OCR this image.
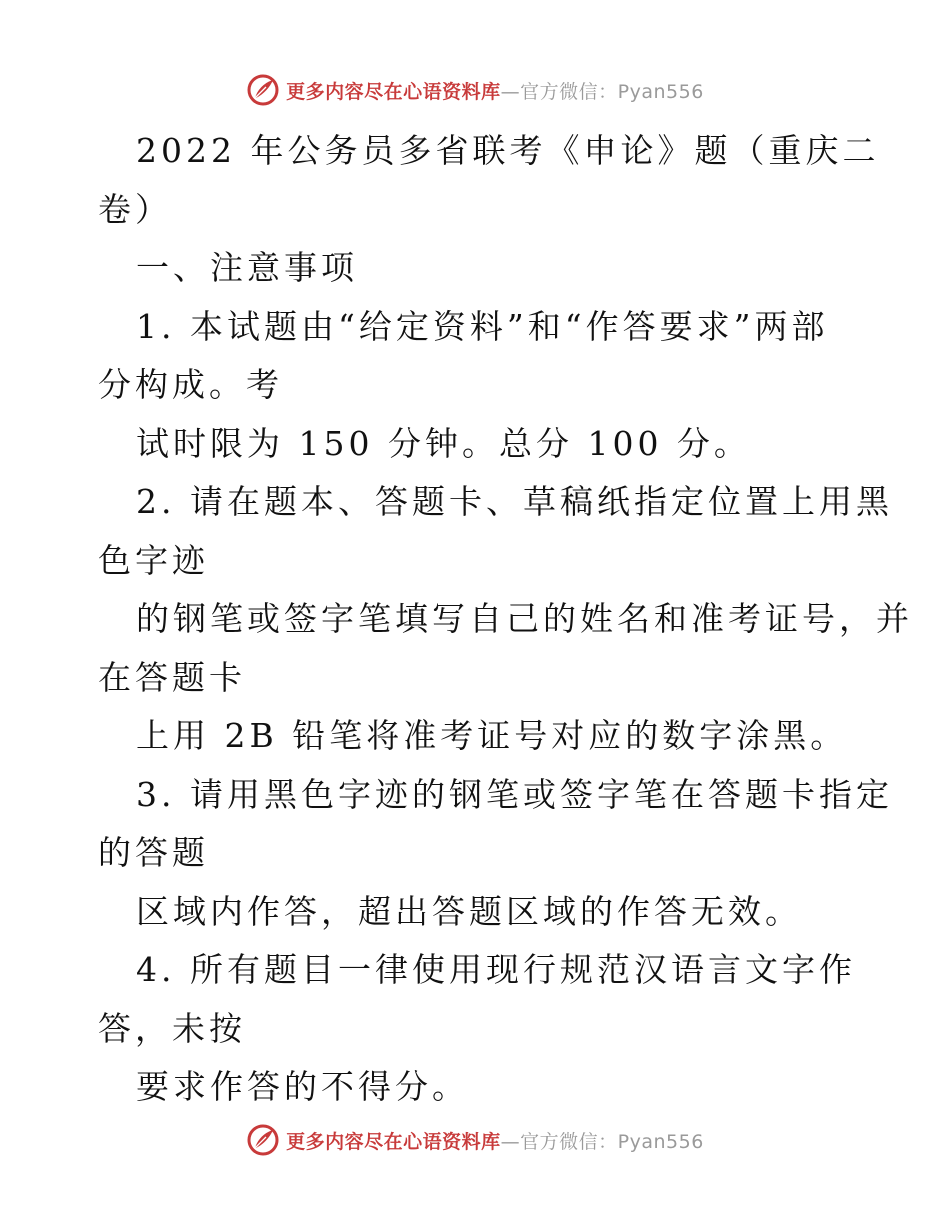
更多内容尽在心语资料库—官方微信：Pyan556
2022 年公务员多省联考《申论》题（重庆二
卷）
一、注意事项
1. 本试题由“给定资料”和“作答要求”两部
分构成。考
试时限为 150 分钟。总分 100 分。
2. 请在题本、答题卡、草稿纸指定位置上用黑
色字迹
的钢笔或签字笔填写自己的姓名和准考证号，并
在答题卡
上用 2B 铅笔将准考证号对应的数字涂黑。
3. 请用黑色字迹的钢笔或签字笔在答题卡指定
的答题
区域内作答，超出答题区域的作答无效。
4. 所有题目一律使用现行规范汉语言文字作
答，未按
要求作答的不得分。
更多内容尽在心语资料库—官方微信：Pyan556
